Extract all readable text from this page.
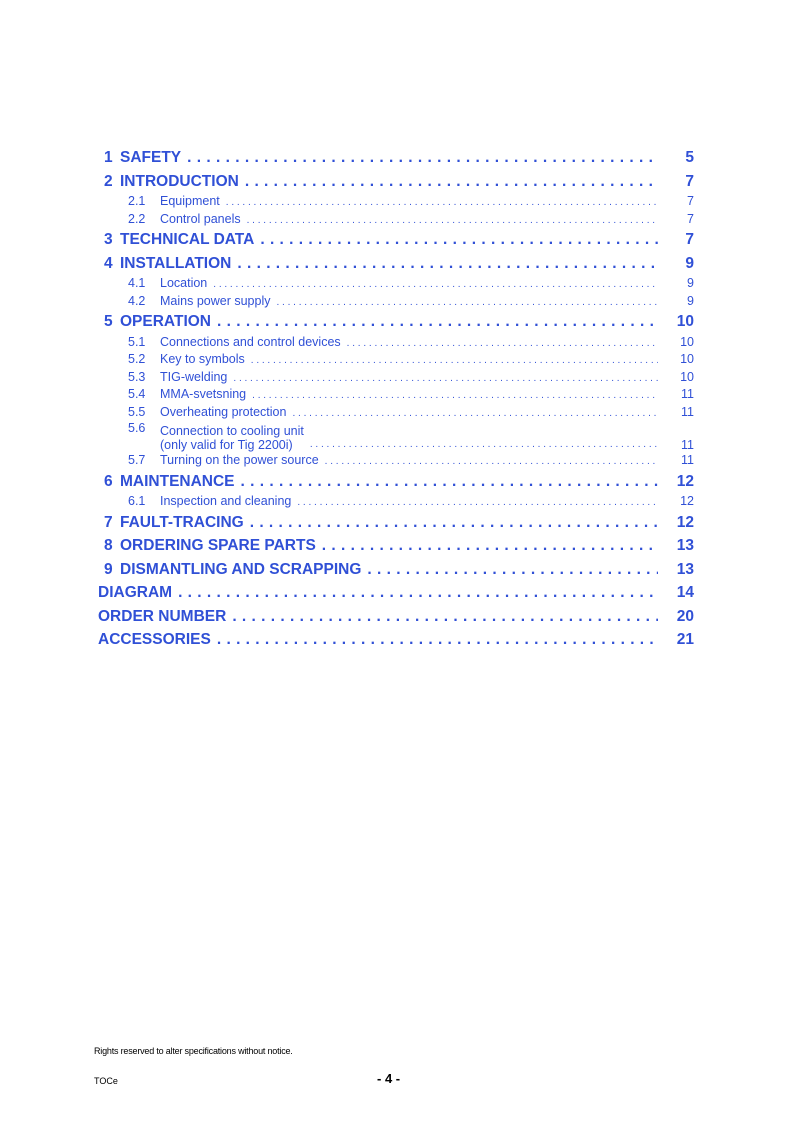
1 SAFETY . . .	5
2 INTRODUCTION . . .	7
2.1	Equipment . . .	7
2.2	Control panels . . .	7
3 TECHNICAL DATA . . .	7
4 INSTALLATION . . .	9
4.1	Location . . .	9
4.2	Mains power supply . . .	9
5 OPERATION . . .	10
5.1	Connections and control devices . . .	10
5.2	Key to symbols . . .	10
5.3	TIG-welding . . .	10
5.4	MMA-svetsning . . .	11
5.5	Overheating protection . . .	11
5.6	Connection to cooling unit
(only valid for Tig 2200i) . . .	11
5.7	Turning on the power source . . .	11
6 MAINTENANCE . . .	12
6.1	Inspection and cleaning . . .	12
7 FAULT-TRACING . . .	12
8 ORDERING SPARE PARTS . . .	13
9 DISMANTLING AND SCRAPPING . . .	13
DIAGRAM . . .	14
ORDER NUMBER . . .	20
ACCESSORIES . . .	21
Rights reserved to alter specifications without notice.
TOCe	- 4 -
